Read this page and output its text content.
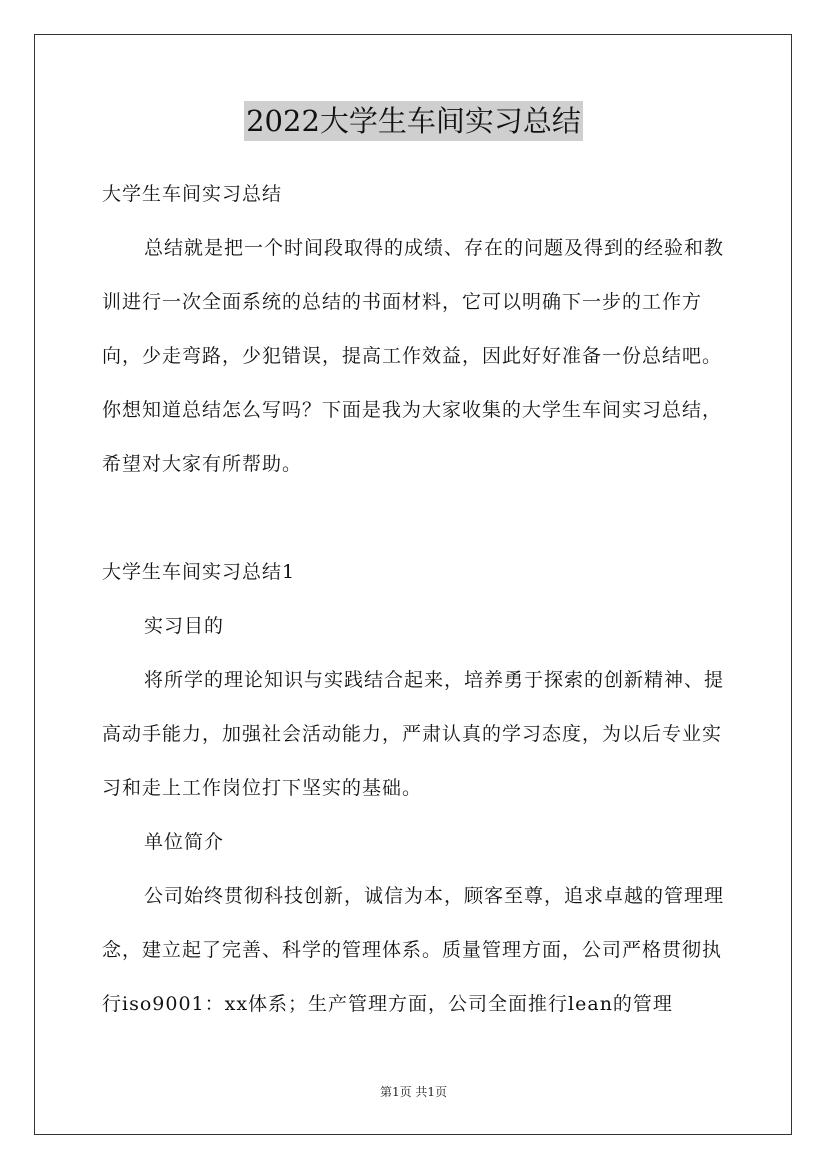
2022大学生车间实习总结

大学生车间实习总结

总结就是把一个时间段取得的成绩、存在的问题及得到的经验和教训进行一次全面系统的总结的书面材料，它可以明确下一步的工作方向，少走弯路，少犯错误，提高工作效益，因此好好准备一份总结吧。你想知道总结怎么写吗？下面是我为大家收集的大学生车间实习总结，希望对大家有所帮助。

大学生车间实习总结1

实习目的

将所学的理论知识与实践结合起来，培养勇于探索的创新精神、提高动手能力，加强社会活动能力，严肃认真的学习态度，为以后专业实习和走上工作岗位打下坚实的基础。

单位简介

公司始终贯彻科技创新，诚信为本，顾客至尊，追求卓越的管理理念，建立起了完善、科学的管理体系。质量管理方面，公司严格贯彻执行iso9001：xx体系；生产管理方面，公司全面推行lean的管理

第1页 共1页
